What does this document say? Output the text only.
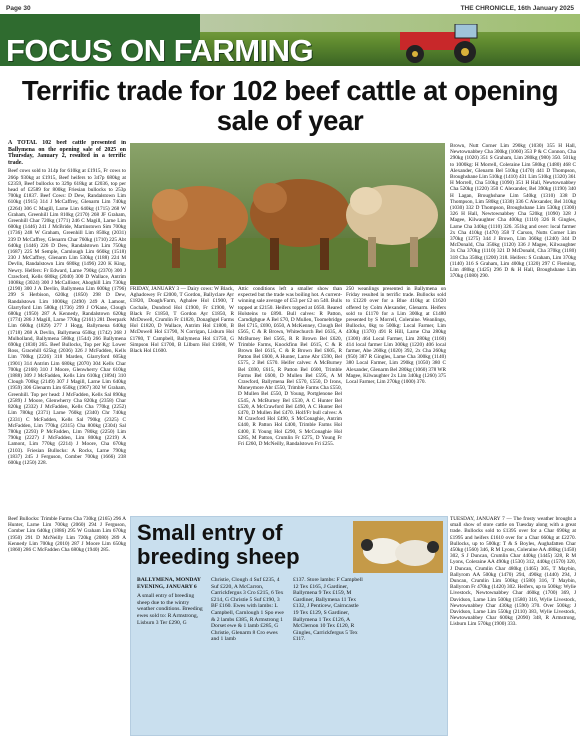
Page 30	THE CHRONICLE, 16th January 2025
FOCUS ON FARMING
Terrific trade for 102 beef cattle at opening sale of year
A TOTAL 102 beef cattle presented in Ballymena on the opening sale of 2025 on Thursday, January 2, resulted in a terrific trade.

Beef cows sold to 314p for 610kg at £1915, Fr cows to 266p 930kg at £1915, Beef heifers to 347p 680kg at £2359, Beef bullocks to 329p 618kg at £2036, top per head of £2589 for 800kg Friesian bullocks to 253p 700kg £1837. Beef Cows: D Dew, Randalstown Lim 610kg (1915) 314 J McCaffrey, Glenarm Lim 740kg (2264) 306 C Magill, Larne Lim 640kg (1715) 268 W Graham, Greenhill Lim 810kg (2170) 268 JF Graham, Greenhill Char 720kg (1771) 246 C Magill, Larne Lim 600kg (1446) 241 J McBride, Martinstown Sim 700kg (1736) 248 W Graham, Greenhill Lim 850kg (2031) 239 D McCaffrey, Glenarm Char 760kg (1710) 225 Abt 640kg (1446) 226 D Dew, Randalstown Lim 750kg (1687) 225 M Semple, Carnlough Lim 660kg (1518) 230 J McCaffrey, Glenarm Lim 530kg (1188) 224 M Devlin, Randalstown Lim 680kg (1496) 220 K King, Newry. Helfers: Fr Edward, Larne 790kg (2370) 300 J Crawford, Kells 680kg (2040) 300 D Wallace, Antrim 1008kg (3024) 300 J McCallister, Ahoghill Lim 730kg (2190) 300 J A Devlin, Ballymena Lim 600kg (1796) 299 S Herbison, 620kg (1850) 298 D Dew, Randalstown Lim 1000kg (2490) 249 A Lamont, Glarryford Lim 580kg (1736) 299 J O'Kane, Clough 680kg (1950) 287 A Kennedy, Randalstown 620kg (1774) 286 J Magill, Larne 770kg (2161) 281 Deerpark Lim 660kg (1829) 277 J Hogg, Ballymena 640kg (1718) 268 A Devlin, Ballymena 650kg (1742) 268 J Mulholland, Ballymena 580kg (1544) 266 Ballymena 690kg (1830) 265. Beef Bullocks, Top per Kg: Lower Ross, Gracehill 625kg (2036) 326 J McFadden, Kells Lim 700kg (2226) 318 Marden, Glarryford 605kg (1901) 314 Antrim Lim 680kg (2070) 304 Kells Char 700kg (2168) 310 J Moore, Glenwherry Char 610kg (1888) 309 J McFadden, Kells Lim 610kg (1894) 310 Clough 700kg (2149) 307 J Magill, Larne Lim 640kg (1959) 306 Glenarm Lim 650kg (1967) 302 W Graham, Greenhill. Top per head: J McFadden, Kells Sal 890kg (2589) J Moore, Glenwherry Cha 820kg (2358) Char 820kg (2332) J McFadden, Kells Cha 770kg (2252) Lim 780kg (2371) Larne 760kg (2340) Chr 740kg (2331) C McFadden, Kells Sal 790kg (2325) C McFadden, Lim 770kg (2315) Cha 800kg (2304) Sal 780kg (2293) P McFadden, Lim 780kg (2250) Lim 790kg (2227) J McFadden, Lim 800kg (2219) A Lamont, Lim 770kg (2214) J Moore, Cha 670kg (2103). Friesian Bullocks: A Rocks, Larne 790kg (1837) 245 J Ferguson, Comber 700kg (1666) 238 600kg (1250) 228.

Brown, Nutt Corner Lim 290kg (1030) 355 H Hall, Newtownabbey Cha 300kg (1060) 353 P & C Connon, Cha 290kg (1020) 351 S Graham, Lim 280kg (980) 350. 501kg to 1000kg: H Morrell, Coleraine Lim 580kg (1480) 468 C Alexander, Glenarm Bel 510kg (1470) 441 D Thompson, Broughshane Lim 510kg (1410) 431 Lim 510kg (1320) 361 H Morrell, Cha 510kg (1090) 351 H Hall, Newtownabbey Cha 520kg (1220) 350 C Alexander, Bel 390kg (1190) 340 H Lagan, Broughshane Lim 540kg (1310) 338 D Thompson, Lim 580kg (1330) 336 C Alexander, Bel 310kg (1030) 332 D Thompson, Broughshane Lim 530kg (1300) 326 H Hall, Newtownabbey Cha 520kg (1090) 328 J Magee, Kilwaughter Cha 400kg (1110) 326 R Gingles, Larne Cha 340kg (1110) 326. 351kg and over: local farmer 2x Cha 410kg (1470) 358 T Carson, Nutts Corner Lim 370kg (1275) 344 J Brown, Lim 360kg (1240) 344 D McDonald, Cha 350kg (1120) 336 J Magee, Kilwaughter 3x Cha 370kg (1110) 321 D McDonald, Cha 370kg (1180) 318 Cha 350kg (1200) 318. Heifers: S Graham, Lim 370kg (1140) 316 S Graham, Lim 400kg (1320) 297 C Fleming, Lim 480kg (1425) 296 D & H Hall, Broughshane Lim 370kg (1080) 290.

FRIDAY, JANUARY 3 — Dairy cows: W Black, Aghadowey Fr £2000, T Gordon, Ballyclare Ayr £1820, Doagh/Farm, Aghalee Hol £1900, T Cochale, Dundrod Hol £1900, Fr £1900, W Black Fr £1850, T Gordon Ayr £1850, R McDowell, Crumlin Fr £1820, Donaghgel Farms Hol £1820, D Wallace, Antrim Hol £1800, B McDowell Hol £1790, N Corrigan, Lisburn Hol £1780, T Campbell, Ballymena Hol £1750, G Simpson Hol £1700, B Lilburn Hol £1680, W Black Hol £1600.

Attic conditions left a smaller show than expected but the trade was boiling hot. A current-winning sale average of £53 per £2 on 540. Bulls topped at £2150. Heifers topped at £650. Reared Holsteins to £890. Bull calves: R Patton, Carndighgue A Bel £70, D Mullen, Toomebridge Bel £715, £690, £650, A McKenney, Clough Bel £565, C & R Brown, Whitechurch Bel £635, A McBurney Bel £565, R R Brown Bel £620, Trimble Farms, Knockfinn Bel £615, C & R Brown Bel £615, C & R Brown Bel £605, R Patton Bel £600, A Hunter, Larne Abr £590, Bel £575, 2 Bel £570. Heifer calves: A McBurney Bel £690, £615, R Patton Bel £600, Trimble Farms Bel £600, D Mullen Bel £595, A M Crawford, Ballymena Bel £570, £550, D Irons, Moneymore Abr £550, Trimble Farms Cha £550, D Mullen Bel £550, D Young, Portglenone Bel £545, A McBurney Bel £530, A C Hunter Bel £520, A McCrawford Bel £490, A C Hunter Bel £470, D Mullen Bel £470. Holf/Fr bull calves: A M Crawford Hol £490, S McConaghie, Antrim £440, R Patton Hol £400, Trimble Farms Hol £400, E Young Hol £290, S McConaghie Hol £285, M Patton, Crumlin Fr £275, D Young Fr Fri £260, D McNeilly, Randalstown Fri £255.

250 weanlings presented in Ballymena on Friday resulted in terrific trade. Bullocks sold to £1220 over for a Blue 410kg at £1620 offered by Colm Alexander, Glenarm. Heifers sold to £1170 for a Lim 300kg at £1480 presented by S Morrell, Coleraine. Weanlings, Bullocks, 0kg to 500kg: Local Farmer, Lim 430kg (1370) 491 R Hill, Larne Cha 280kg (1300) 464 Local Farmer, Lim 280kg (1160) 414 local farmer Lim 300kg (1220) 406 local farmer, Abe 260kg (1020) 392, 2x Cha 260kg (950) 387 R Gingles, Larne Cha 300kg (1140) 380 Local Farmer, Lim 290kg (1050) 380 C Alexander, Glenarm Bel 280kg (1060) 378 WR Magee, Kilwaughter 2x Lim 340kg (1260) 375 Local Farmer, Lim 270kg (1000) 370.

Beef Bullocks: Trimble Farms Cha 730kg (2165) 296 A Hunter, Larne Lim 700kg (2060) 294 J Ferguson, Comber Lim 640kg (1886) 295 W Graham Lim 670kg (1950) 291 D McNeilly Lim 720kg (2080) 289 A Kennedy Lim 700kg (2010) 287 J Moore Lim 650kg (1860) 286 C McFadden Cha 680kg (1940) 285.

TUESDAY, JANUARY 7 — The frosty weather brought a small show of store cattle on Tuesday along with a great trade. Bullocks sold to £1395 over for a Char 690kg at £1995 and heifers £1610 over for a Char 660kg at £2270. Bullocks, up to 500kg: T & S Boyles, Aughafatten Char 450kg (1560) 346, R M Lyons, Coleraine AA 480kg (1450) 302, S J Duncan, Crumlin Char 440kg (1445) 328, R M Lyons, Coleraine AA 490kg (1530) 312, 440kg (1570) 320, J Duncan, Crumlin Char 480kg (1465) 305, T Maybin, Ballyrom AA 500kg (1470) 294, 490kg (1440) 294, J Duncan, Crumlin Lim 500kg (1580) 316, T Maybin, Ballyrom Fr 470kg (1420) 302. Heifers, up to 500kg: Wylie Livestock, Newtownabbey Char 460kg (1700) 369, J Davidson, Larne Lim 500kg (1580) 316, Wylie Livestock, Newtownabbey Char 430kg (1590) 370. Over 500kg: J Davidson, Larne Lim 550kg (2110) 383, Wylie Livestock, Newtownabbey Char 600kg (2090) 348, R Armstrong, Lisburn Lim 570kg (1900) 333.

Small entry of breeding sheep
BALLYMENA, MONDAY EVENING, JANUARY 6
A small entry of breeding sheep due to the wintry weather conditions. Breeding ewes sold to: R Armstrong, Lisburn 3 Ter £290, G
Christie, Clough 4 Suf £235, 4 Suf £220, A McCarron, Carrickfergus 3 Cro £215, 6 Tex £214, G Christie 5 Suf £190, 3 BF £160. Ewes with lambs: L Campbell, Carnlough 1 Spo ewe & 2 lambs £385, R Armstrong 1 Dorset ewe & 1 lamb £285, G Christie, Glenarm 8 Cro ewes and 1 lamb
£137. Store lambs: F Campbell 12 Tex £165, J Gardiner, Ballymena 9 Tex £159, M Gardiner, Ballymena 11 Tex £132, J Penticew, Cairncastle 19 Tex £129, S Gardiner, Ballymena 1 Tex £126, A McClernon 10 Tex £120, R Gingles, Carrickfergus 5 Tex £117.
